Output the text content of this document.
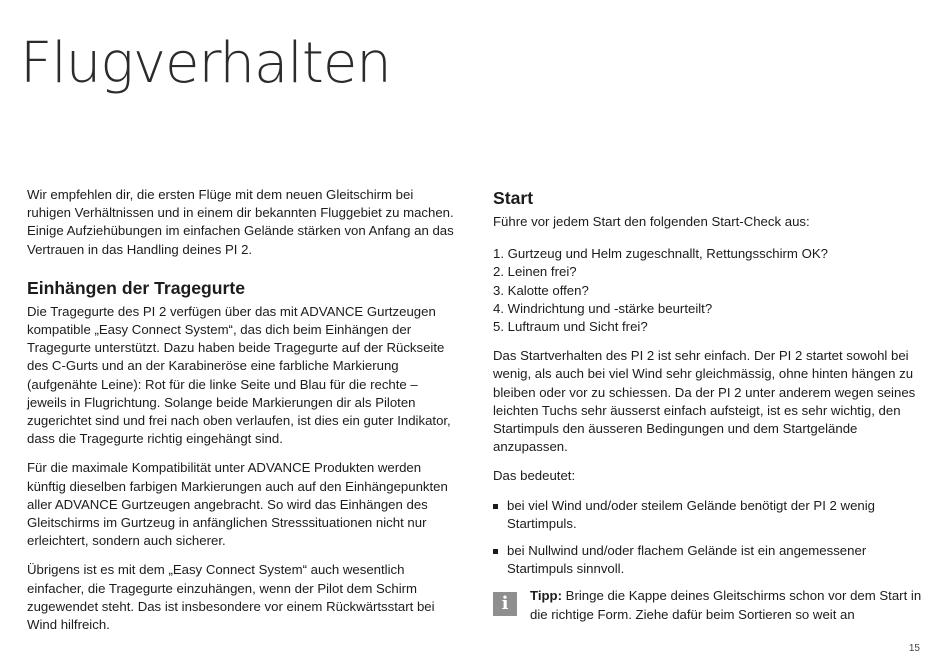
Flugverhalten

Wir empfehlen dir, die ersten Flüge mit dem neuen Gleitschirm bei ruhigen Verhältnissen und in einem dir bekannten Fluggebiet zu machen. Einige Aufziehübungen im einfachen Gelände stärken von Anfang an das Vertrauen in das Handling deines PI 2.

Einhängen der Tragegurte

Die Tragegurte des PI 2 verfügen über das mit ADVANCE Gurtzeugen kompatible „Easy Connect System“, das dich beim Einhängen der Tragegurte unterstützt. Dazu haben beide Tragegurte auf der Rückseite des C-Gurts und an der Karabineröse eine farbliche Markierung (aufgenähte Leine): Rot für die linke Seite und Blau für die rechte – jeweils in Flugrichtung. Solange beide Markierungen dir als Piloten zugerichtet sind und frei nach oben verlaufen, ist dies ein guter Indikator, dass die Tragegurte richtig eingehängt sind.

Für die maximale Kompatibilität unter ADVANCE Produkten werden künftig dieselben farbigen Markierungen auch auf den Einhängepunkten aller ADVANCE Gurtzeugen angebracht. So wird das Einhängen des Gleitschirms im Gurtzeug in anfänglichen Stresssituationen nicht nur erleichtert, sondern auch sicherer.

Übrigens ist es mit dem „Easy Connect System“ auch wesentlich einfacher, die Tragegurte einzuhängen, wenn der Pilot dem Schirm zugewendet steht. Das ist insbesondere vor einem Rückwärtsstart bei Wind hilfreich.

Start

Führe vor jedem Start den folgenden Start-Check aus:

1. Gurtzeug und Helm zugeschnallt, Rettungsschirm OK?
2. Leinen frei?
3. Kalotte offen?
4. Windrichtung und -stärke beurteilt?
5. Luftraum und Sicht frei?

Das Startverhalten des PI 2 ist sehr einfach. Der PI 2 startet sowohl bei wenig, als auch bei viel Wind sehr gleichmässig, ohne hinten hängen zu bleiben oder vor zu schiessen. Da der PI 2 unter anderem wegen seines leichten Tuchs sehr äusserst einfach aufsteigt, ist es sehr wichtig, den Startimpuls den äusseren Bedingungen und dem Startgelände anzupassen.

Das bedeutet:

bei viel Wind und/oder steilem Gelände benötigt der PI 2 wenig Startimpuls.
bei Nullwind und/oder flachem Gelände ist ein angemessener Startimpuls sinnvoll.
i	Tipp: Bringe die Kappe deines Gleitschirms schon vor dem Start in die richtige Form. Ziehe dafür beim Sortieren so weit an
15
